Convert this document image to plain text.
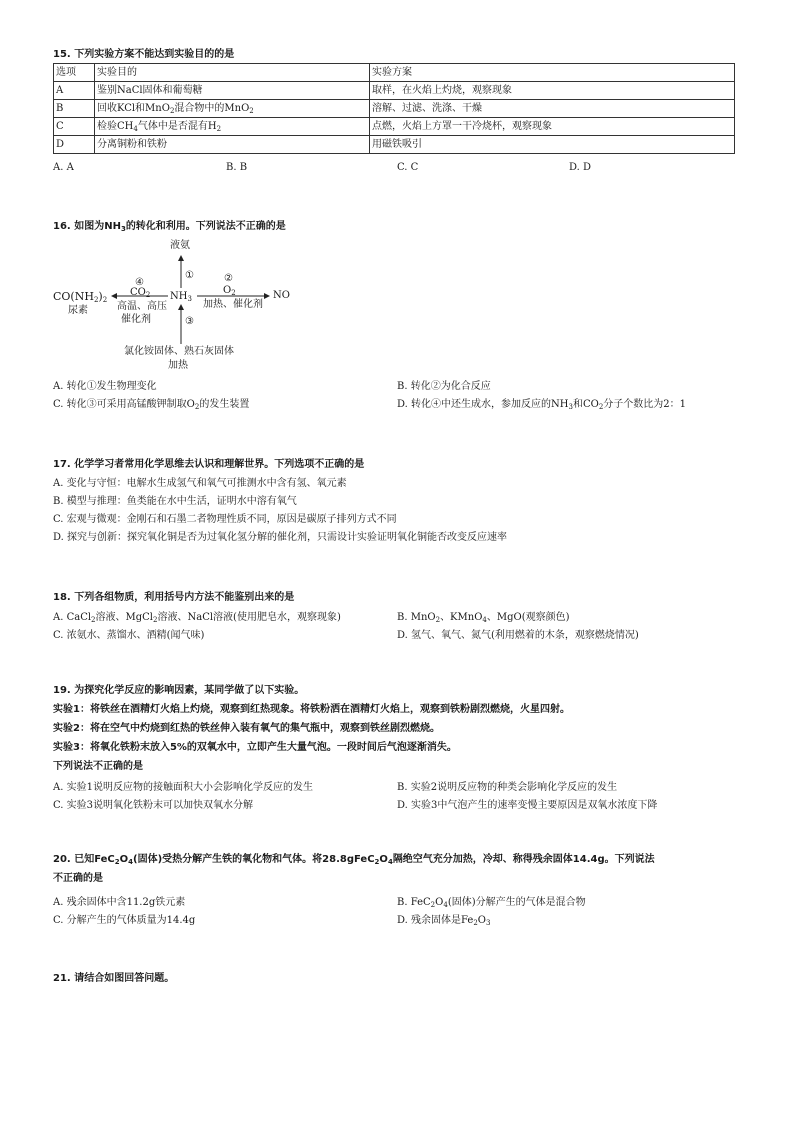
15. 下列实验方案不能达到实验目的的是
选项	实验目的	实验方案
A	鉴别NaCl固体和葡萄糖	取样，在火焰上灼烧，观察现象
B	回收KCl和MnO$_2$混合物中的MnO$_2$	溶解、过滤、洗涤、干燥
C	检验$CH_4$气体中是否混有$H_2$	点燃，火焰上方罩一干冷烧杯，观察现象
D	分离铜粉和铁粉	用磁铁吸引
A. A	B. B	C. C	D. D
16. 如图为$NH_3$的转化和利用。下列说法不正确的是
液氨
①	②
④
$O_2$
$CO_2$ $NH_3$	NO
$CO(NH_2)_2$	加热、催化剂
高温、高压
尿素
③
催化剂
氯化铵固体、熟石灰固体
加热
A. 转化①发生物理变化	B. 转化②为化合反应
C. 转化③可采用高锰酸钾制取$O_2$的发生装置	D. 转化④中还生成水，参加反应的$NH_3$和$CO_2$分子个数比为2：1
17. 化学学习者常用化学思维去认识和理解世界。下列选项不正确的是
A. 变化与守恒：电解水生成氢气和氧气可推测水中含有氢、氧元素
B. 模型与推理：鱼类能在水中生活，证明水中溶有氧气
C. 宏观与微观：金刚石和石墨二者物理性质不同，原因是碳原子排列方式不同
D. 探究与创新：探究氧化铜是否为过氧化氢分解的催化剂，只需设计实验证明氧化铜能否改变反应速率
18. 下列各组物质，利用括号内方法不能鉴别出来的是
A. CaCl$_2$溶液、MgCl$_2$溶液、NaCl溶液(使用肥皂水，观察现象)	B. MnO$_2$、KMnO$_4$、MgO(观察颜色)
C. 浓氨水、蒸馏水、酒精(闻气味)	D. 氢气、氧气、氮气(利用燃着的木条，观察燃烧情况)
19. 为探究化学反应的影响因素，某同学做了以下实验。
实验1：将铁丝在酒精灯火焰上灼烧，观察到红热现象。将铁粉洒在酒精灯火焰上，观察到铁粉剧烈燃烧，火星四射。
实验2：将在空气中灼烧到红热的铁丝伸入装有氧气的集气瓶中，观察到铁丝剧烈燃烧。
实验3：将氧化铁粉末放入5%的双氧水中，立即产生大量气泡。一段时间后气泡逐渐消失。
下列说法不正确的是
A. 实验1说明反应物的接触面积大小会影响化学反应的发生	B. 实验2说明反应物的种类会影响化学反应的发生
C. 实验3说明氧化铁粉末可以加快双氧水分解	D. 实验3中气泡产生的速率变慢主要原因是双氧水浓度下降
20. 已知$FeC_2O_4$(固体)受热分解产生铁的氧化物和气体。将$28.8gFeC_2O_4$隔绝空气充分加热，冷却、称得残余固体14.4g。下列说法
不正确的是
A. 残余固体中含11.2g铁元素	B. $FeC_2O_4$(固体)分解产生的气体是混合物
C. 分解产生的气体质量为14.4g	D. 残余固体是$Fe_2O_3$
21. 请结合如图回答问题。
